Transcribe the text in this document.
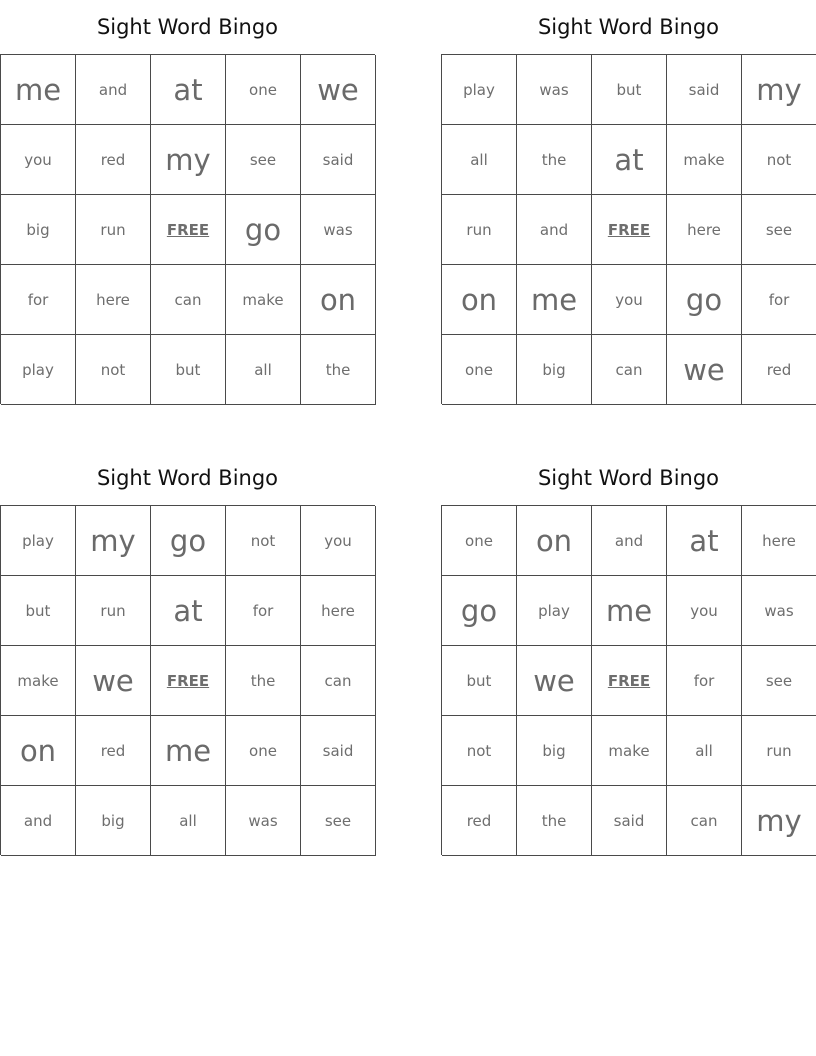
Sight Word Bingo
me	and	at	one	we
you	red	my	see	said
big	run	FREE	go	was
for	here	can	make	on
play	not	but	all	the
Sight Word Bingo
play	was	but	said	my
all	the	at	make	not
run	and	FREE	here	see
on	me	you	go	for
one	big	can	we	red
Sight Word Bingo
play	my	go	not	you
but	run	at	for	here
make	we	FREE	the	can
on	red	me	one	said
and	big	all	was	see
Sight Word Bingo
one	on	and	at	here
go	play	me	you	was
but	we	FREE	for	see
not	big	make	all	run
red	the	said	can	my
